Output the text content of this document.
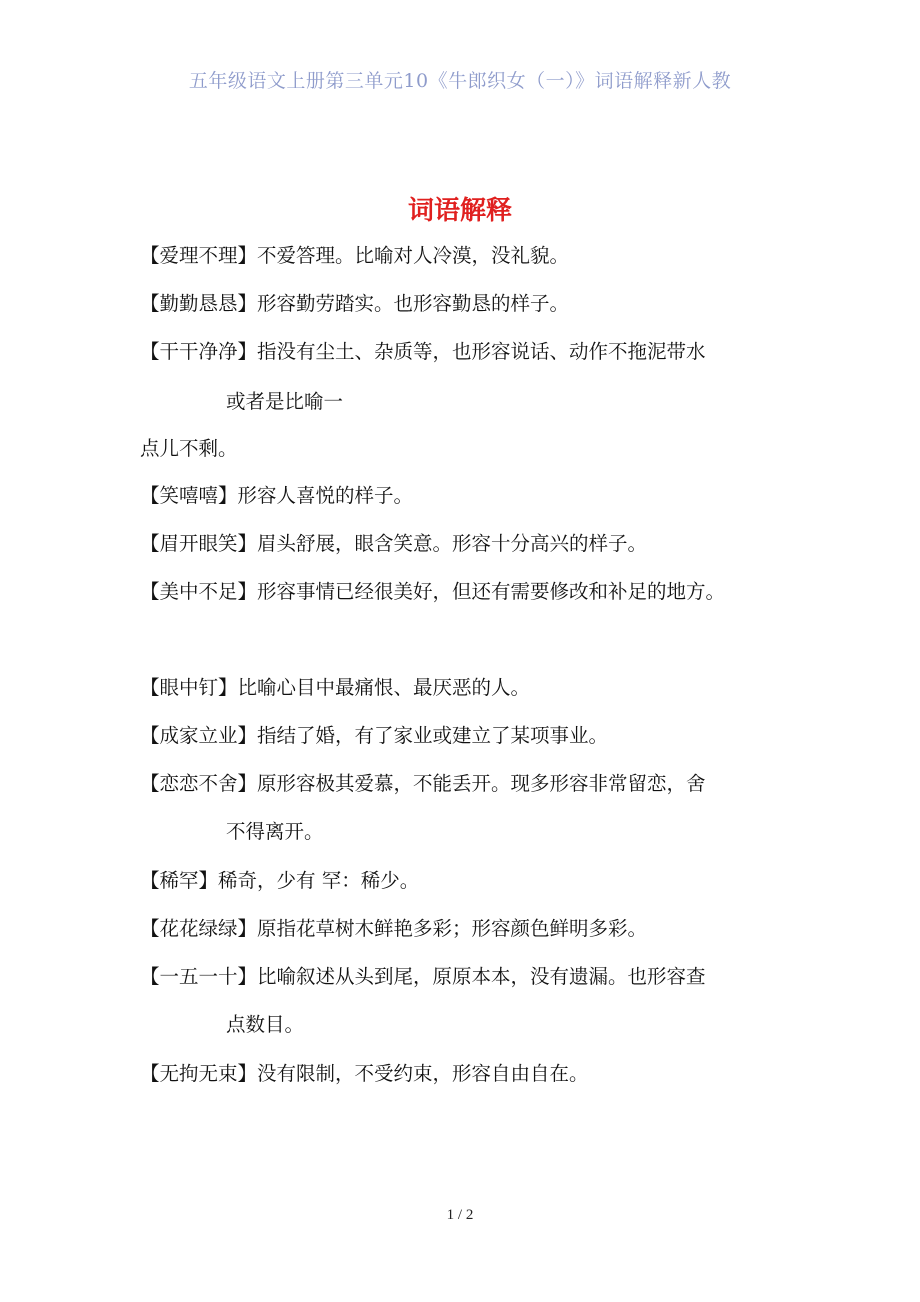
五年级语文上册第三单元10《牛郎织女（一）》词语解释新人教
词语解释
【爱理不理】不爱答理。比喻对人冷漠，没礼貌。
【勤勤恳恳】形容勤劳踏实。也形容勤恳的样子。
【干干净净】指没有尘土、杂质等，也形容说话、动作不拖泥带水
或者是比喻一
点儿不剩。
【笑嘻嘻】形容人喜悦的样子。
【眉开眼笑】眉头舒展，眼含笑意。形容十分高兴的样子。
【美中不足】形容事情已经很美好，但还有需要修改和补足的地方。
【眼中钉】比喻心目中最痛恨、最厌恶的人。
【成家立业】指结了婚，有了家业或建立了某项事业。
【恋恋不舍】原形容极其爱慕，不能丢开。现多形容非常留恋，舍
不得离开。
【稀罕】稀奇，少有 罕：稀少。
【花花绿绿】原指花草树木鲜艳多彩；形容颜色鲜明多彩。
【一五一十】比喻叙述从头到尾，原原本本，没有遗漏。也形容查
点数目。
【无拘无束】没有限制，不受约束，形容自由自在。
1 / 2
